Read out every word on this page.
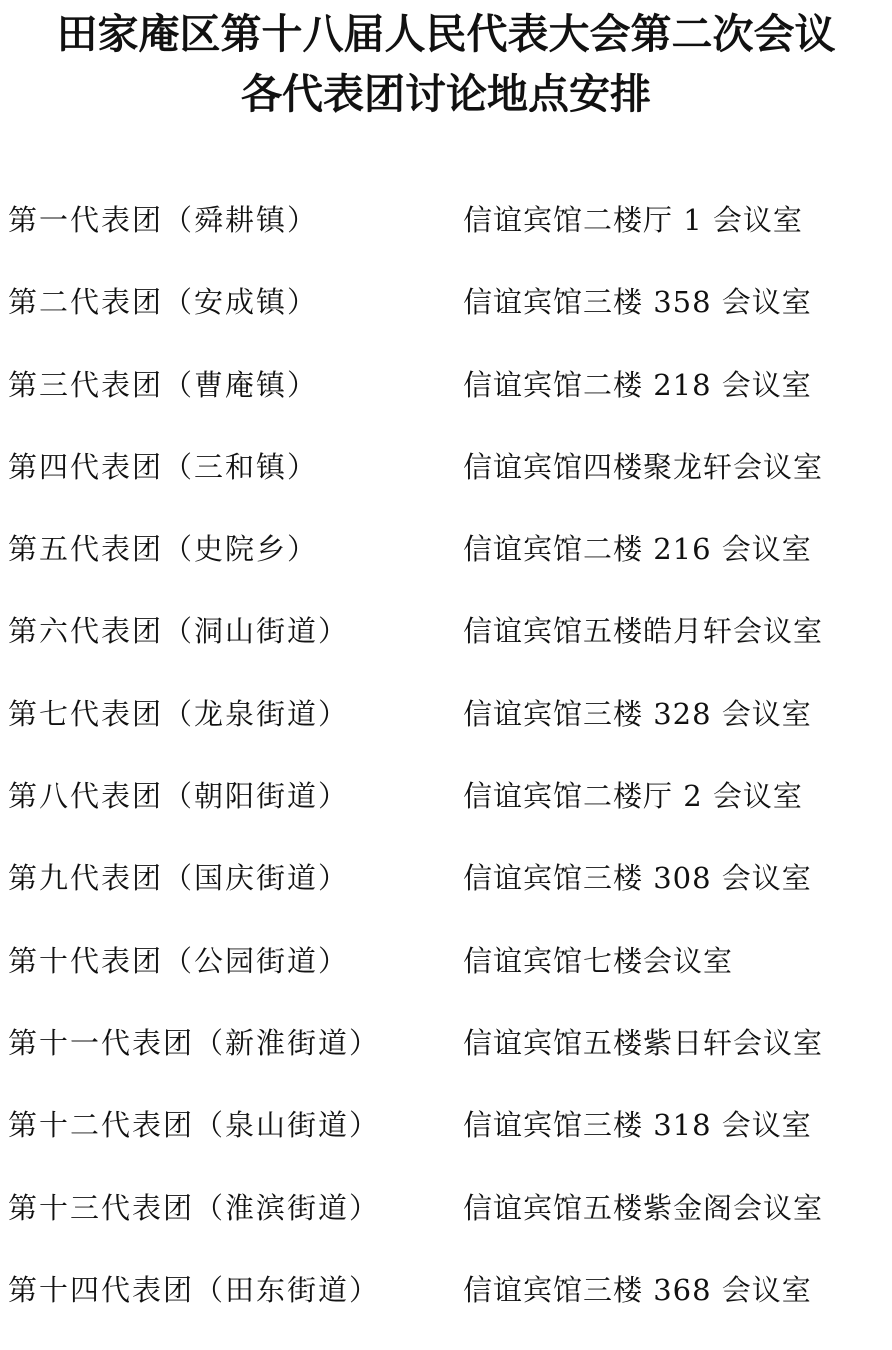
田家庵区第十八届人民代表大会第二次会议
各代表团讨论地点安排
第一代表团（舜耕镇）	信谊宾馆二楼厅 1 会议室
第二代表团（安成镇）	信谊宾馆三楼 358 会议室
第三代表团（曹庵镇）	信谊宾馆二楼 218 会议室
第四代表团（三和镇）	信谊宾馆四楼聚龙轩会议室
第五代表团（史院乡）	信谊宾馆二楼 216 会议室
第六代表团（洞山街道）	信谊宾馆五楼皓月轩会议室
第七代表团（龙泉街道）	信谊宾馆三楼 328 会议室
第八代表团（朝阳街道）	信谊宾馆二楼厅 2 会议室
第九代表团（国庆街道）	信谊宾馆三楼 308 会议室
第十代表团（公园街道）	信谊宾馆七楼会议室
第十一代表团（新淮街道）	信谊宾馆五楼紫日轩会议室
第十二代表团（泉山街道）	信谊宾馆三楼 318 会议室
第十三代表团（淮滨街道）	信谊宾馆五楼紫金阁会议室
第十四代表团（田东街道）	信谊宾馆三楼 368 会议室
